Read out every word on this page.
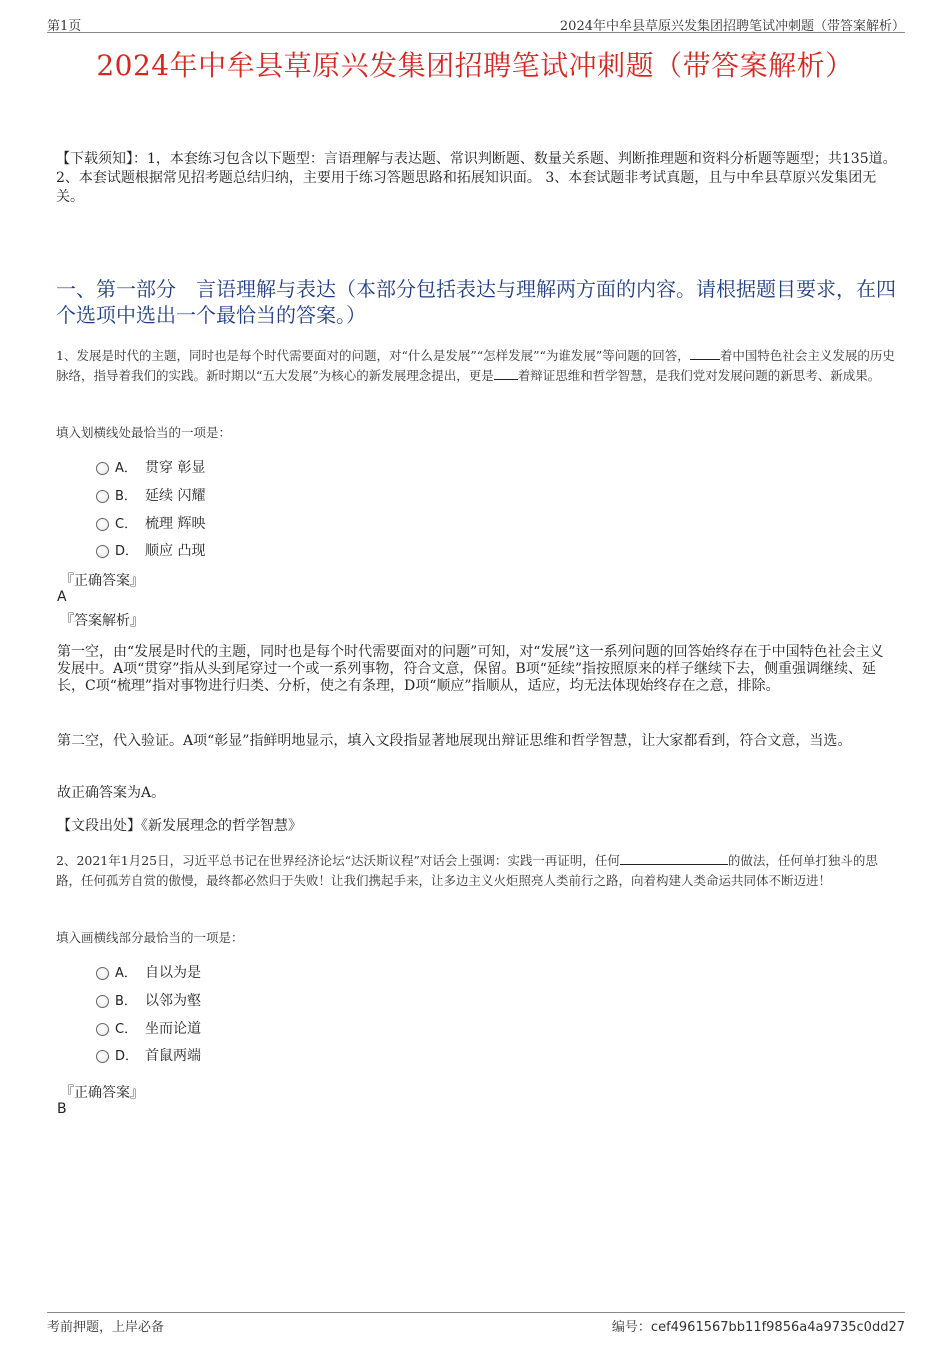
第1页	2024年中牟县草原兴发集团招聘笔试冲刺题（带答案解析）
2024年中牟县草原兴发集团招聘笔试冲刺题（带答案解析）
【下载须知】：1，本套练习包含以下题型：言语理解与表达题、常识判断题、数量关系题、判断推理题和资料分析题等题型；共135道。 2、本套试题根据常见招考题总结归纳，主要用于练习答题思路和拓展知识面。 3、本套试题非考试真题，且与中牟县草原兴发集团无关。
一、第一部分　言语理解与表达（本部分包括表达与理解两方面的内容。请根据题目要求，在四个选项中选出一个最恰当的答案。）
1、发展是时代的主题，同时也是每个时代需要面对的问题，对“什么是发展”“怎样发展”“为谁发展”等问题的回答， 着中国特色社会主义发展的历史脉络，指导着我们的实践。新时期以“五大发展”为核心的新发展理念提出，更是 着辩证思维和哲学智慧，是我们党对发展问题的新思考、新成果。
填入划横线处最恰当的一项是：
A． 贯穿 彰显
B． 延续 闪耀
C． 梳理 辉映
D． 顺应 凸现
『正确答案』
A
『答案解析』
第一空，由“发展是时代的主题，同时也是每个时代需要面对的问题”可知，对“发展”这一系列问题的回答始终存在于中国特色社会主义发展中。A项“贯穿”指从头到尾穿过一个或一系列事物，符合文意，保留。B项“延续”指按照原来的样子继续下去，侧重强调继续、延长，C项“梳理”指对事物进行归类、分析，使之有条理，D项“顺应”指顺从，适应，均无法体现始终存在之意，排除。
第二空，代入验证。A项“彰显”指鲜明地显示，填入文段指显著地展现出辩证思维和哲学智慧，让大家都看到，符合文意，当选。
故正确答案为A。
【文段出处】《新发展理念的哲学智慧》
2、2021年1月25日，习近平总书记在世界经济论坛“达沃斯议程”对话会上强调：实践一再证明，任何	的做法，任何单打独斗的思路，任何孤芳自赏的傲慢，最终都必然归于失败！让我们携起手来，让多边主义火炬照亮人类前行之路，向着构建人类命运共同体不断迈进！
填入画横线部分最恰当的一项是：
A． 自以为是
B． 以邻为壑
C． 坐而论道
D． 首鼠两端
『正确答案』
B
考前押题，上岸必备	编号：cef4961567bb11f9856a4a9735c0dd27
